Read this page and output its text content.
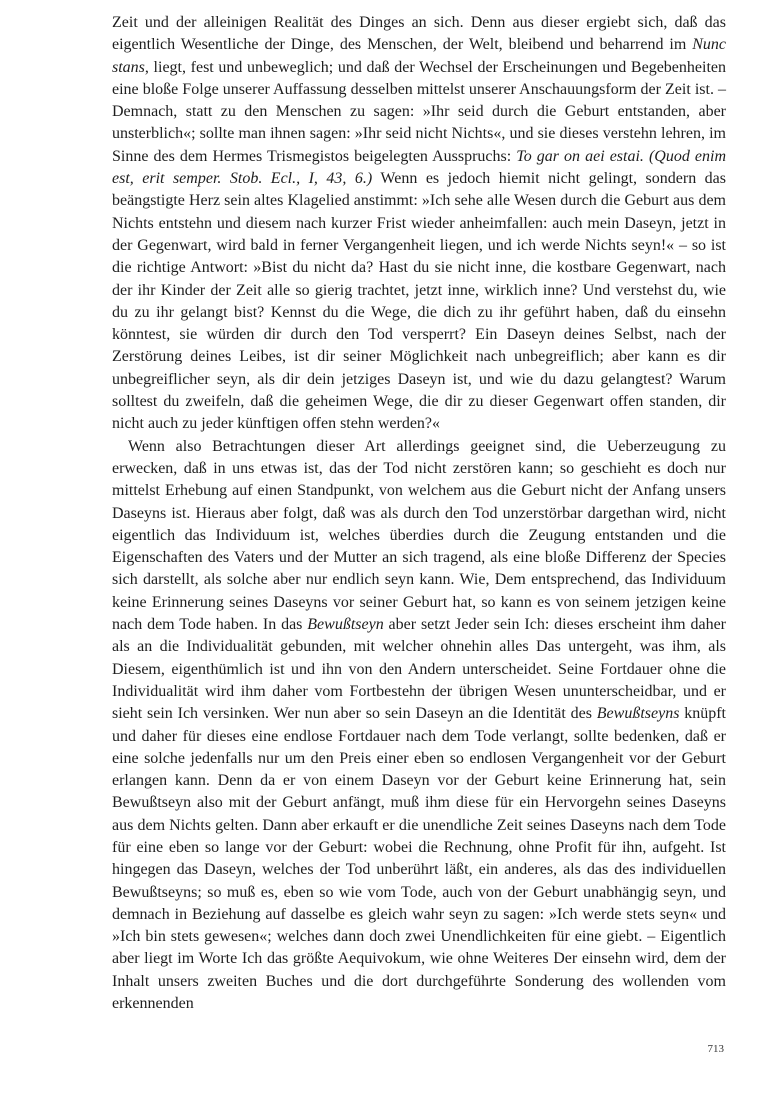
Zeit und der alleinigen Realität des Dinges an sich. Denn aus dieser ergiebt sich, daß das eigentlich Wesentliche der Dinge, des Menschen, der Welt, bleibend und beharrend im Nunc stans, liegt, fest und unbeweglich; und daß der Wechsel der Erscheinungen und Begebenheiten eine bloße Folge unserer Auffassung desselben mittelst unserer Anschauungsform der Zeit ist. – Demnach, statt zu den Menschen zu sagen: »Ihr seid durch die Geburt entstanden, aber unsterblich«; sollte man ihnen sagen: »Ihr seid nicht Nichts«, und sie dieses verstehn lehren, im Sinne des dem Hermes Trismegistos beigelegten Ausspruchs: To gar on aei estai. (Quod enim est, erit semper. Stob. Ecl., I, 43, 6.) Wenn es jedoch hiemit nicht gelingt, sondern das beängstigte Herz sein altes Klagelied anstimmt: »Ich sehe alle Wesen durch die Geburt aus dem Nichts entstehn und diesem nach kurzer Frist wieder anheimfallen: auch mein Daseyn, jetzt in der Gegenwart, wird bald in ferner Vergangenheit liegen, und ich werde Nichts seyn!« – so ist die richtige Antwort: »Bist du nicht da? Hast du sie nicht inne, die kostbare Gegenwart, nach der ihr Kinder der Zeit alle so gierig trachtet, jetzt inne, wirklich inne? Und verstehst du, wie du zu ihr gelangt bist? Kennst du die Wege, die dich zu ihr geführt haben, daß du einsehn könntest, sie würden dir durch den Tod versperrt? Ein Daseyn deines Selbst, nach der Zerstörung deines Leibes, ist dir seiner Möglichkeit nach unbegreiflich; aber kann es dir unbegreiflicher seyn, als dir dein jetziges Daseyn ist, und wie du dazu gelangtest? Warum solltest du zweifeln, daß die geheimen Wege, die dir zu dieser Gegenwart offen standen, dir nicht auch zu jeder künftigen offen stehn werden?«

Wenn also Betrachtungen dieser Art allerdings geeignet sind, die Ueberzeugung zu erwecken, daß in uns etwas ist, das der Tod nicht zerstören kann; so geschieht es doch nur mittelst Erhebung auf einen Standpunkt, von welchem aus die Geburt nicht der Anfang unsers Daseyns ist. Hieraus aber folgt, daß was als durch den Tod unzerstörbar dargethan wird, nicht eigentlich das Individuum ist, welches überdies durch die Zeugung entstanden und die Eigenschaften des Vaters und der Mutter an sich tragend, als eine bloße Differenz der Species sich darstellt, als solche aber nur endlich seyn kann. Wie, Dem entsprechend, das Individuum keine Erinnerung seines Daseyns vor seiner Geburt hat, so kann es von seinem jetzigen keine nach dem Tode haben. In das Bewußtseyn aber setzt Jeder sein Ich: dieses erscheint ihm daher als an die Individualität gebunden, mit welcher ohnehin alles Das untergeht, was ihm, als Diesem, eigenthümlich ist und ihn von den Andern unterscheidet. Seine Fortdauer ohne die Individualität wird ihm daher vom Fortbestehn der übrigen Wesen ununterscheidbar, und er sieht sein Ich versinken. Wer nun aber so sein Daseyn an die Identität des Bewußtseyns knüpft und daher für dieses eine endlose Fortdauer nach dem Tode verlangt, sollte bedenken, daß er eine solche jedenfalls nur um den Preis einer eben so endlosen Vergangenheit vor der Geburt erlangen kann. Denn da er von einem Daseyn vor der Geburt keine Erinnerung hat, sein Bewußtseyn also mit der Geburt anfängt, muß ihm diese für ein Hervorgehn seines Daseyns aus dem Nichts gelten. Dann aber erkauft er die unendliche Zeit seines Daseyns nach dem Tode für eine eben so lange vor der Geburt: wobei die Rechnung, ohne Profit für ihn, aufgeht. Ist hingegen das Daseyn, welches der Tod unberührt läßt, ein anderes, als das des individuellen Bewußtseyns; so muß es, eben so wie vom Tode, auch von der Geburt unabhängig seyn, und demnach in Beziehung auf dasselbe es gleich wahr seyn zu sagen: »Ich werde stets seyn« und »Ich bin stets gewesen«; welches dann doch zwei Unendlichkeiten für eine giebt. – Eigentlich aber liegt im Worte Ich das größte Aequivokum, wie ohne Weiteres Der einsehn wird, dem der Inhalt unsers zweiten Buches und die dort durchgeführte Sonderung des wollenden vom erkennenden

713
